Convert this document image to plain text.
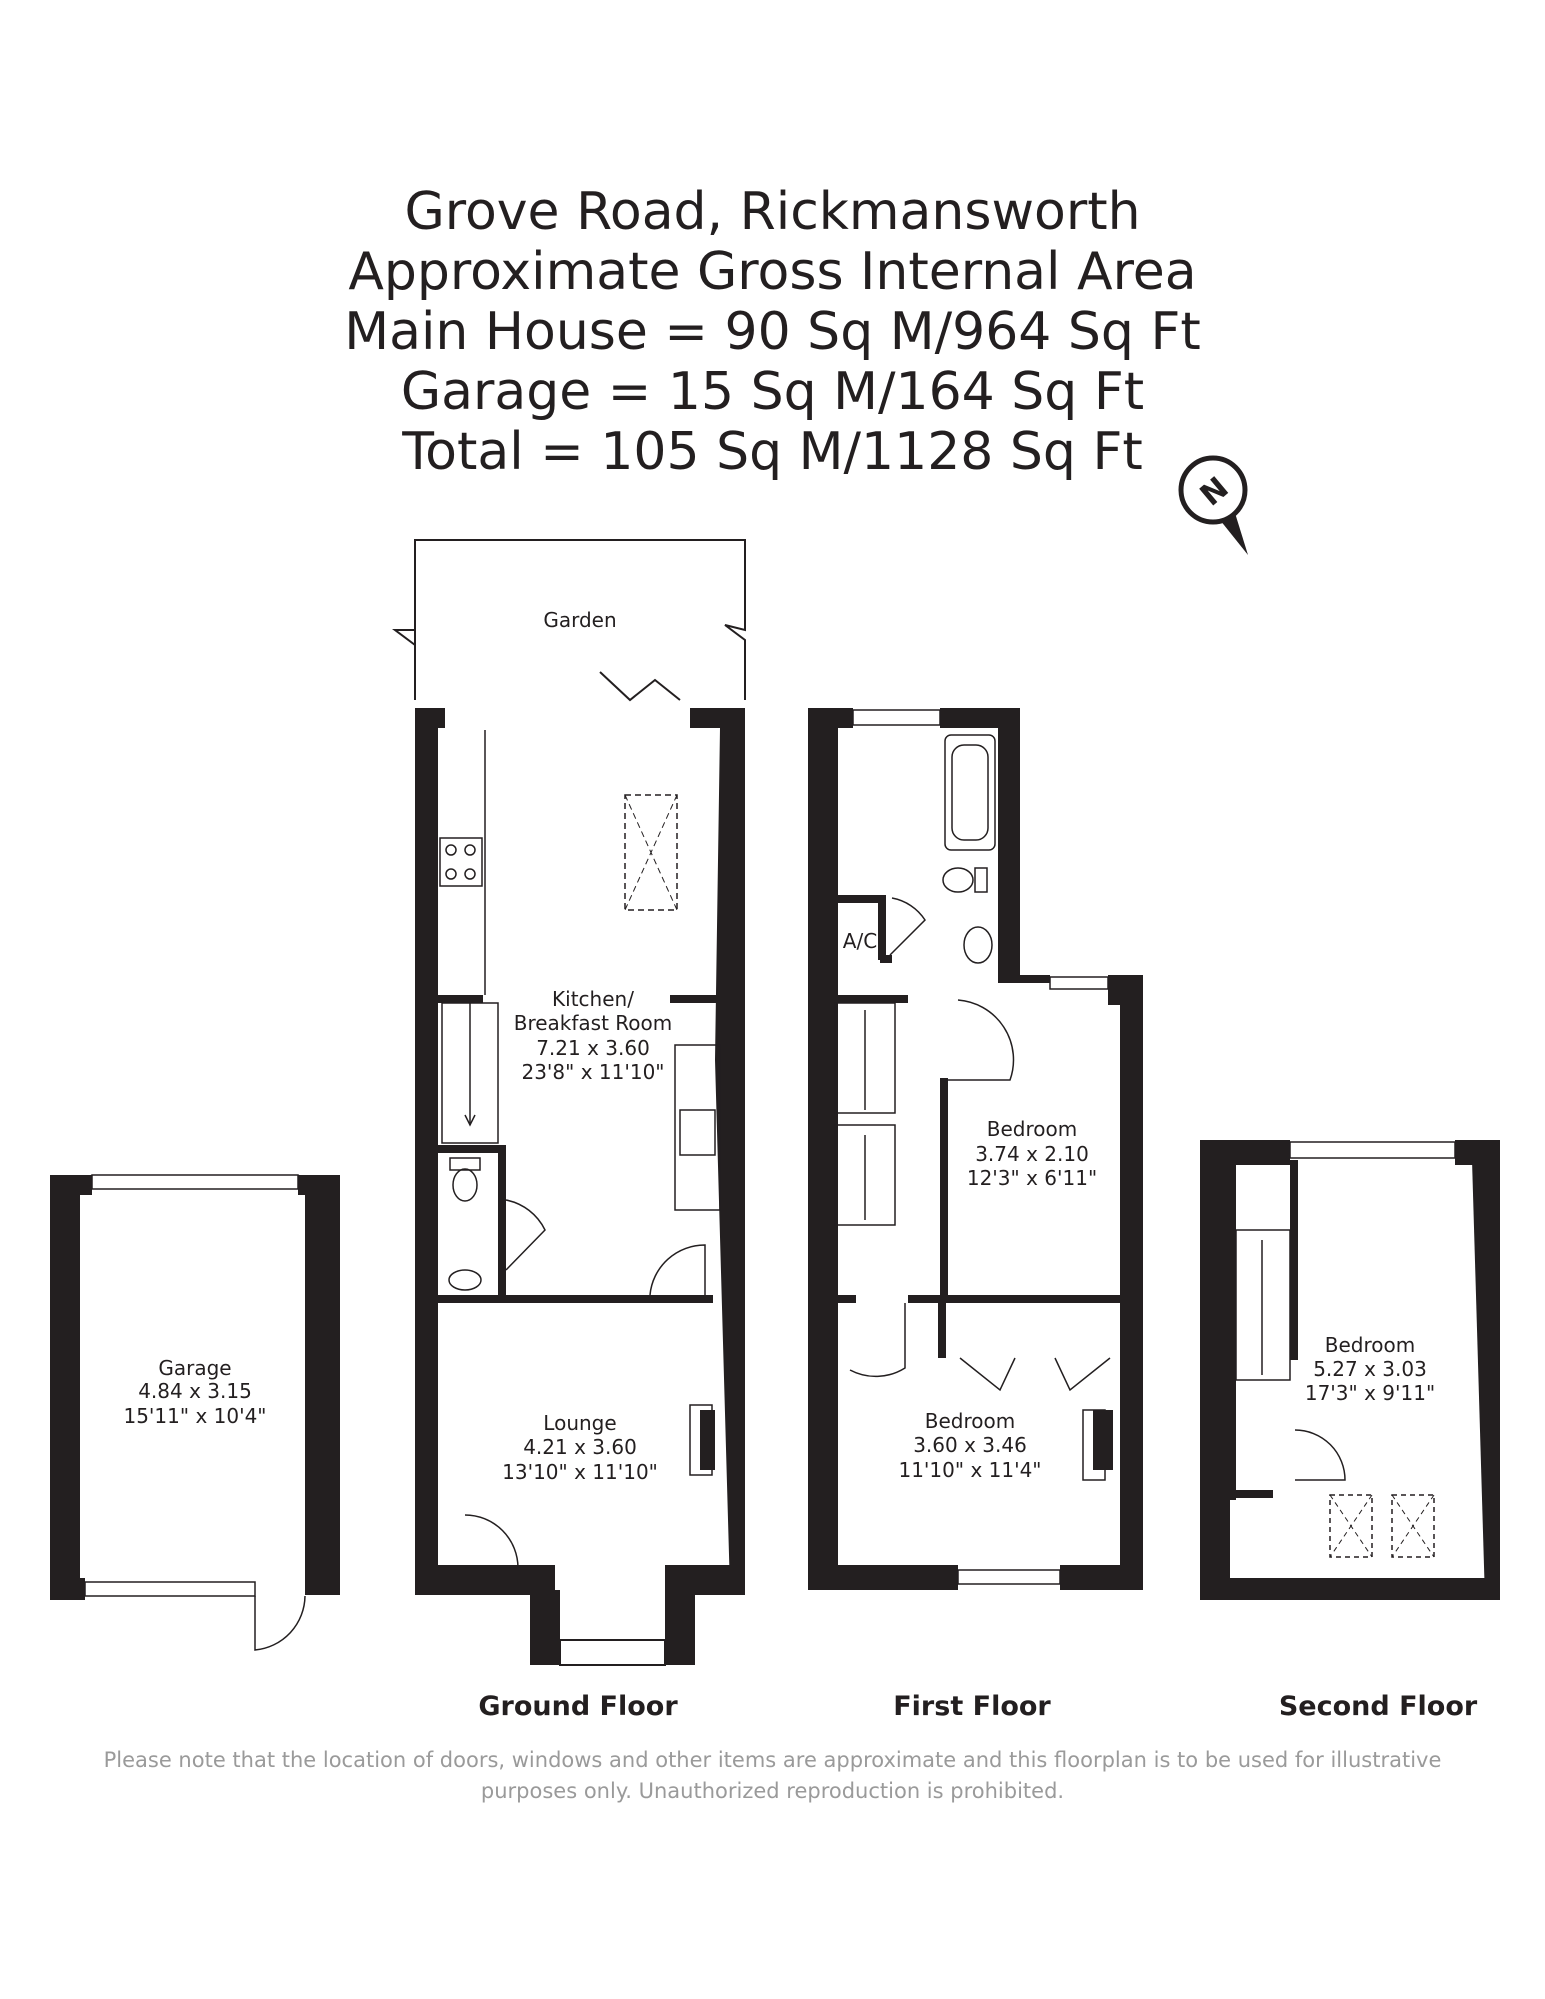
Grove Road, Rickmansworth
Approximate Gross Internal Area
Main House = 90 Sq M/964 Sq Ft
Garage = 15 Sq M/164 Sq Ft
Total = 105 Sq M/1128 Sq Ft
N
Garden
Kitchen/
Breakfast Room
7.21 x 3.60
23'8" x 11'10"
Lounge
4.21 x 3.60
13'10" x 11'10"
Garage
4.84 x 3.15
15'11" x 10'4"
A/C
Bedroom
3.74 x 2.10
12'3" x 6'11"
Bedroom
3.60 x 3.46
11'10" x 11'4"
Bedroom
5.27 x 3.03
17'3" x 9'11"
Ground Floor	First Floor	Second Floor
Please note that the location of doors, windows and other items are approximate and this floorplan is to be used for illustrative
purposes only. Unauthorized reproduction is prohibited.
